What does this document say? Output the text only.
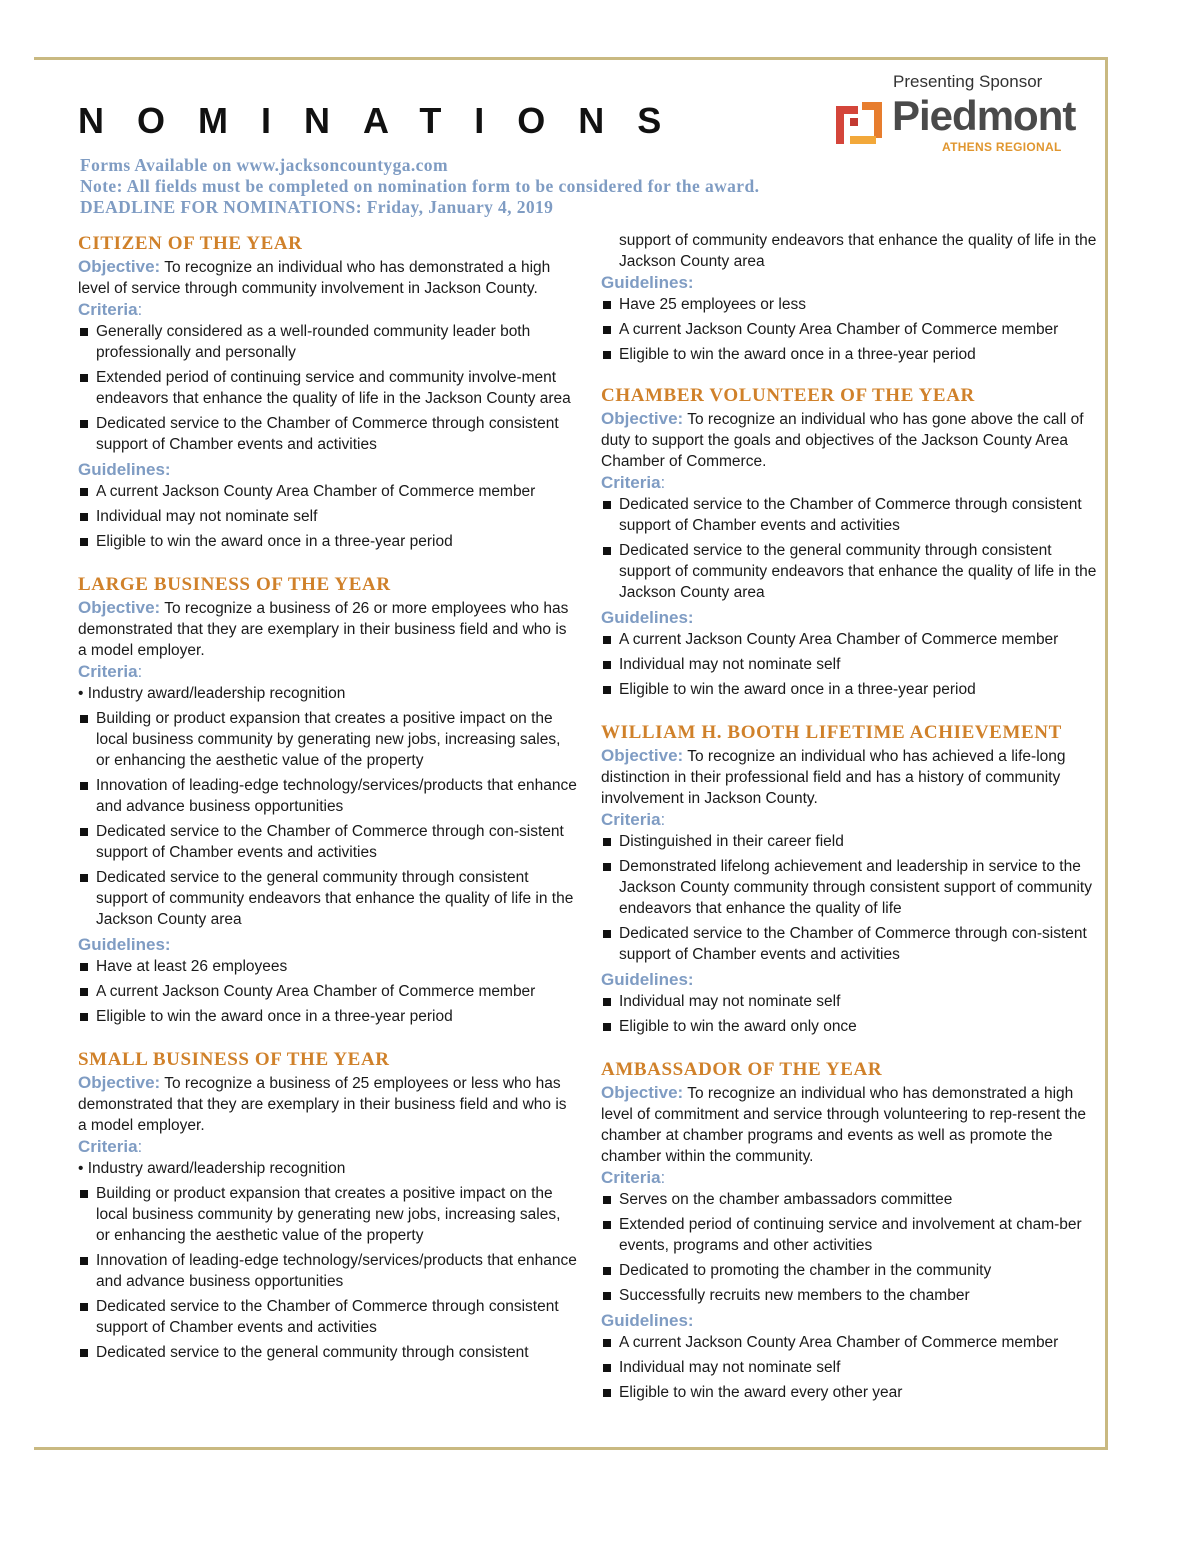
NOMINATIONS
Presenting Sponsor
Piedmont
ATHENS REGIONAL
Forms Available on www.jacksoncountyga.com
Note: All fields must be completed on nomination form to be considered for the award.
DEADLINE FOR NOMINATIONS: Friday, January 4, 2019
CITIZEN OF THE YEAR

Objective: To recognize an individual who has demonstrated a high level of service through community involvement in Jackson County.

Criteria:
Generally considered as a well-rounded community leader both professionally and personally
Extended period of continuing service and community involve-ment endeavors that enhance the quality of life in the Jackson County area
Dedicated service to the Chamber of Commerce through consistent support of Chamber events and activities
Guidelines:
A current Jackson County Area Chamber of Commerce member
Individual may not nominate self
Eligible to win the award once in a three-year period
LARGE BUSINESS OF THE YEAR

Objective: To recognize a business of 26 or more employees who has demonstrated that they are exemplary in their business field and who is a model employer.

Criteria:
• Industry award/leadership recognition
Building or product expansion that creates a positive impact on the local business community by generating new jobs, increasing sales, or enhancing the aesthetic value of the property
Innovation of leading-edge technology/services/products that enhance and advance business opportunities
Dedicated service to the Chamber of Commerce through con-sistent support of Chamber events and activities
Dedicated service to the general community through consistent support of community endeavors that enhance the quality of life in the Jackson County area
Guidelines:
Have at least 26 employees
A current Jackson County Area Chamber of Commerce member
Eligible to win the award once in a three-year period
SMALL BUSINESS OF THE YEAR

Objective: To recognize a business of 25 employees or less who has demonstrated that they are exemplary in their business field and who is a model employer.

Criteria:
• Industry award/leadership recognition
Building or product expansion that creates a positive impact on the local business community by generating new jobs, increasing sales, or enhancing the aesthetic value of the property
Innovation of leading-edge technology/services/products that enhance and advance business opportunities
Dedicated service to the Chamber of Commerce through consistent support of Chamber events and activities
Dedicated service to the general community through consistent

support of community endeavors that enhance the quality of life in the Jackson County area

Guidelines:
Have 25 employees or less
A current Jackson County Area Chamber of Commerce member
Eligible to win the award once in a three-year period
CHAMBER VOLUNTEER OF THE YEAR

Objective: To recognize an individual who has gone above the call of duty to support the goals and objectives of the Jackson County Area Chamber of Commerce.

Criteria:
Dedicated service to the Chamber of Commerce through consistent support of Chamber events and activities
Dedicated service to the general community through consistent support of community endeavors that enhance the quality of life in the Jackson County area
Guidelines:
A current Jackson County Area Chamber of Commerce member
Individual may not nominate self
Eligible to win the award once in a three-year period
WILLIAM H. BOOTH LIFETIME ACHIEVEMENT

Objective: To recognize an individual who has achieved a life-long distinction in their professional field and has a history of community involvement in Jackson County.

Criteria:
Distinguished in their career field
Demonstrated lifelong achievement and leadership in service to the Jackson County community through consistent support of community endeavors that enhance the quality of life
Dedicated service to the Chamber of Commerce through con-sistent support of Chamber events and activities
Guidelines:
Individual may not nominate self
Eligible to win the award only once
AMBASSADOR OF THE YEAR

Objective: To recognize an individual who has demonstrated a high level of commitment and service through volunteering to rep-resent the chamber at chamber programs and events as well as promote the chamber within the community.

Criteria:
Serves on the chamber ambassadors committee
Extended period of continuing service and involvement at cham-ber events, programs and other activities
Dedicated to promoting the chamber in the community
Successfully recruits new members to the chamber
Guidelines:
A current Jackson County Area Chamber of Commerce member
Individual may not nominate self
Eligible to win the award every other year
